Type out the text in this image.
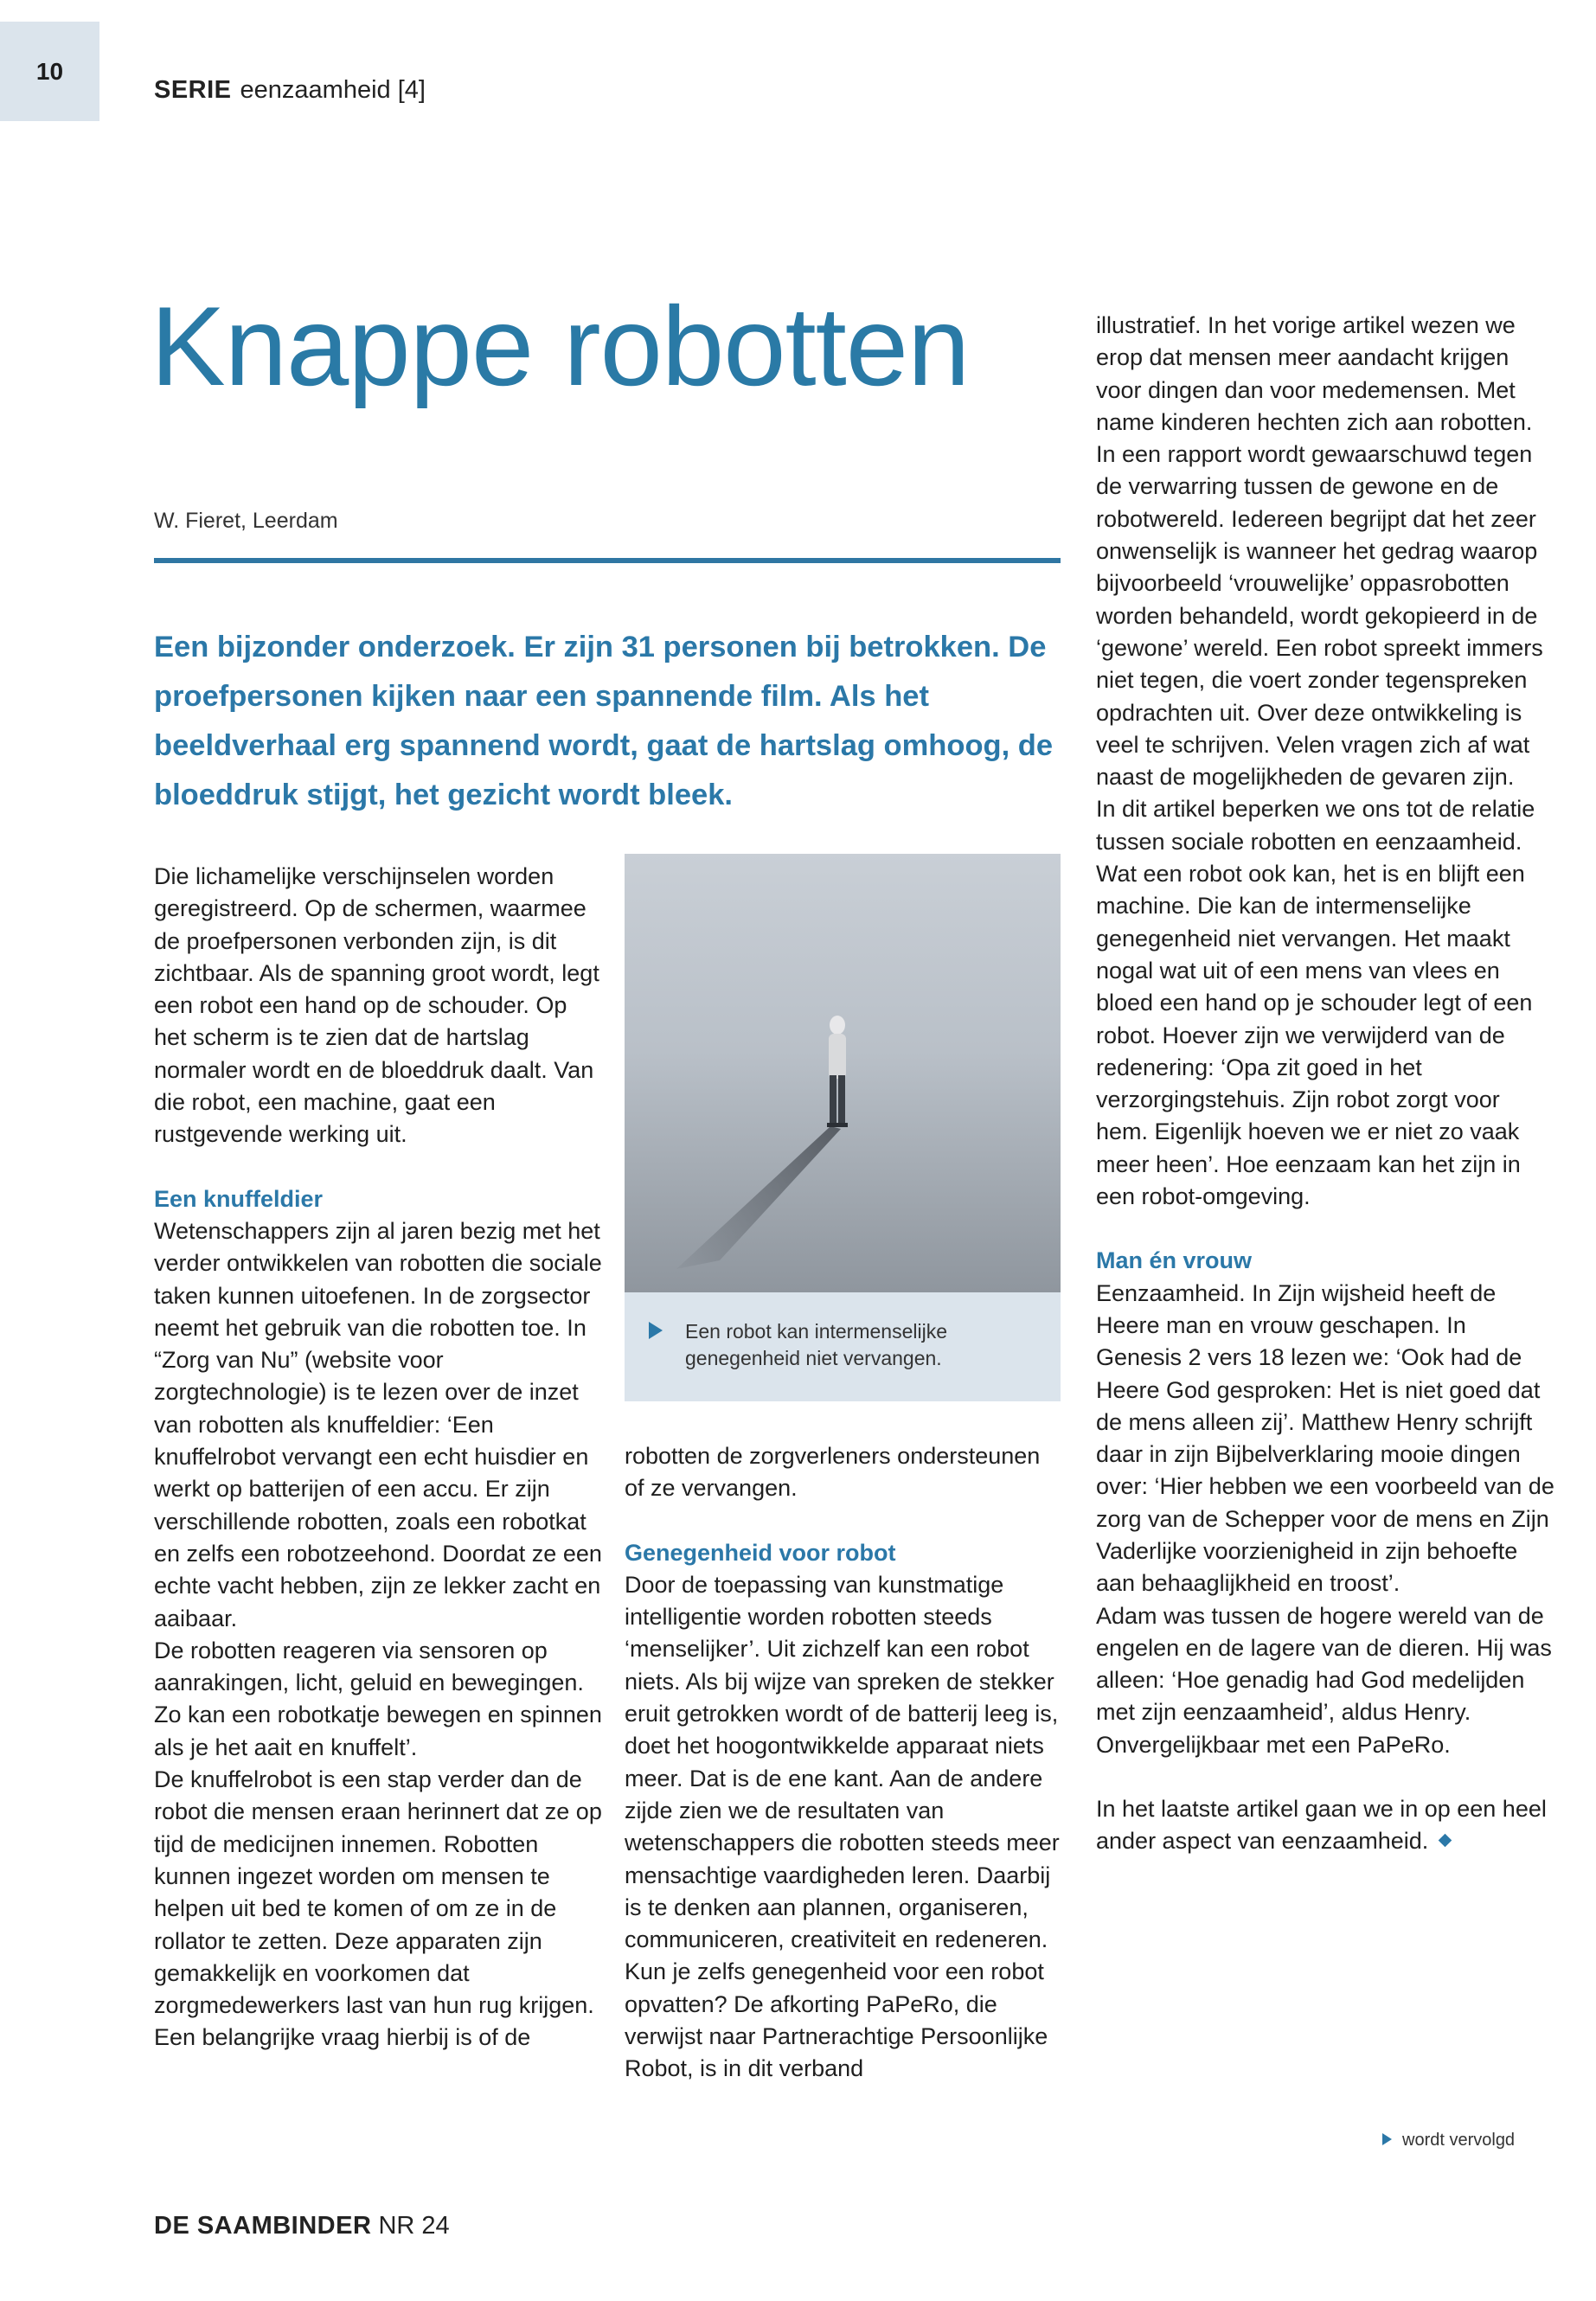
10
SERIE eenzaamheid [4]
Knappe robotten
W. Fieret, Leerdam
Een bijzonder onderzoek. Er zijn 31 personen bij betrokken. De proefpersonen kijken naar een spannende film. Als het beeldverhaal erg spannend wordt, gaat de hartslag omhoog, de bloeddruk stijgt, het gezicht wordt bleek.

Die lichamelijke verschijnselen worden geregistreerd. Op de schermen, waarmee de proefpersonen verbonden zijn, is dit zichtbaar. Als de spanning groot wordt, legt een robot een hand op de schouder. Op het scherm is te zien dat de hartslag normaler wordt en de bloeddruk daalt. Van die robot, een machine, gaat een rustgevende werking uit.

Een knuffeldier

Wetenschappers zijn al jaren bezig met het verder ontwikkelen van robotten die sociale taken kunnen uitoefenen. In de zorgsector neemt het gebruik van die robotten toe. In “Zorg van Nu” (website voor zorgtechnologie) is te lezen over de inzet van robotten als knuffeldier: ‘Een knuffelrobot vervangt een echt huisdier en werkt op batterijen of een accu. Er zijn verschillende robotten, zoals een robotkat en zelfs een robotzeehond. Doordat ze een echte vacht hebben, zijn ze lekker zacht en aaibaar.

De robotten reageren via sensoren op aanrakingen, licht, geluid en bewegingen. Zo kan een robotkatje bewegen en spinnen als je het aait en knuffelt’.

De knuffelrobot is een stap verder dan de robot die mensen eraan herinnert dat ze op tijd de medicijnen innemen. Robotten kunnen ingezet worden om mensen te helpen uit bed te komen of om ze in de rollator te zetten. Deze apparaten zijn gemakkelijk en voorkomen dat zorgmedewerkers last van hun rug krijgen. Een belangrijke vraag hierbij is of de

Een robot kan intermenselijke genegenheid niet vervangen.

robotten de zorgverleners ondersteunen of ze vervangen.

Genegenheid voor robot

Door de toepassing van kunstmatige intelligentie worden robotten steeds ‘menselijker’. Uit zichzelf kan een robot niets. Als bij wijze van spreken de stekker eruit getrokken wordt of de batterij leeg is, doet het hoogontwikkelde apparaat niets meer. Dat is de ene kant. Aan de andere zijde zien we de resultaten van wetenschappers die robotten steeds meer mensachtige vaardigheden leren. Daarbij is te denken aan plannen, organiseren, communiceren, creativiteit en redeneren.

Kun je zelfs genegenheid voor een robot opvatten? De afkorting PaPeRo, die verwijst naar Partnerachtige Persoonlijke Robot, is in dit verband

illustratief. In het vorige artikel wezen we erop dat mensen meer aandacht krijgen voor dingen dan voor medemensen. Met name kinderen hechten zich aan robotten. In een rapport wordt gewaarschuwd tegen de verwarring tussen de gewone en de robotwereld. Iedereen begrijpt dat het zeer onwenselijk is wanneer het gedrag waarop bijvoorbeeld ‘vrouwelijke’ oppasrobotten worden behandeld, wordt gekopieerd in de ‘gewone’ wereld. Een robot spreekt immers niet tegen, die voert zonder tegenspreken opdrachten uit. Over deze ontwikkeling is veel te schrijven. Velen vragen zich af wat naast de mogelijkheden de gevaren zijn.

In dit artikel beperken we ons tot de relatie tussen sociale robotten en eenzaamheid. Wat een robot ook kan, het is en blijft een machine. Die kan de intermenselijke genegenheid niet vervangen. Het maakt nogal wat uit of een mens van vlees en bloed een hand op je schouder legt of een robot. Hoever zijn we verwijderd van de redenering: ‘Opa zit goed in het verzorgingstehuis. Zijn robot zorgt voor hem. Eigenlijk hoeven we er niet zo vaak meer heen’. Hoe eenzaam kan het zijn in een robot-omgeving.

Man én vrouw

Eenzaamheid. In Zijn wijsheid heeft de Heere man en vrouw geschapen. In Genesis 2 vers 18 lezen we: ‘Ook had de Heere God gesproken: Het is niet goed dat de mens alleen zij’. Matthew Henry schrijft daar in zijn Bijbelverklaring mooie dingen over: ‘Hier hebben we een voorbeeld van de zorg van de Schepper voor de mens en Zijn Vaderlijke voorzienigheid in zijn behoefte aan behaaglijkheid en troost’.

Adam was tussen de hogere wereld van de engelen en de lagere van de dieren. Hij was alleen: ‘Hoe genadig had God medelijden met zijn eenzaamheid’, aldus Henry. Onvergelijkbaar met een PaPeRo.

In het laatste artikel gaan we in op een heel ander aspect van eenzaamheid.

wordt vervolgd
DE SAAMBINDER NR 24
